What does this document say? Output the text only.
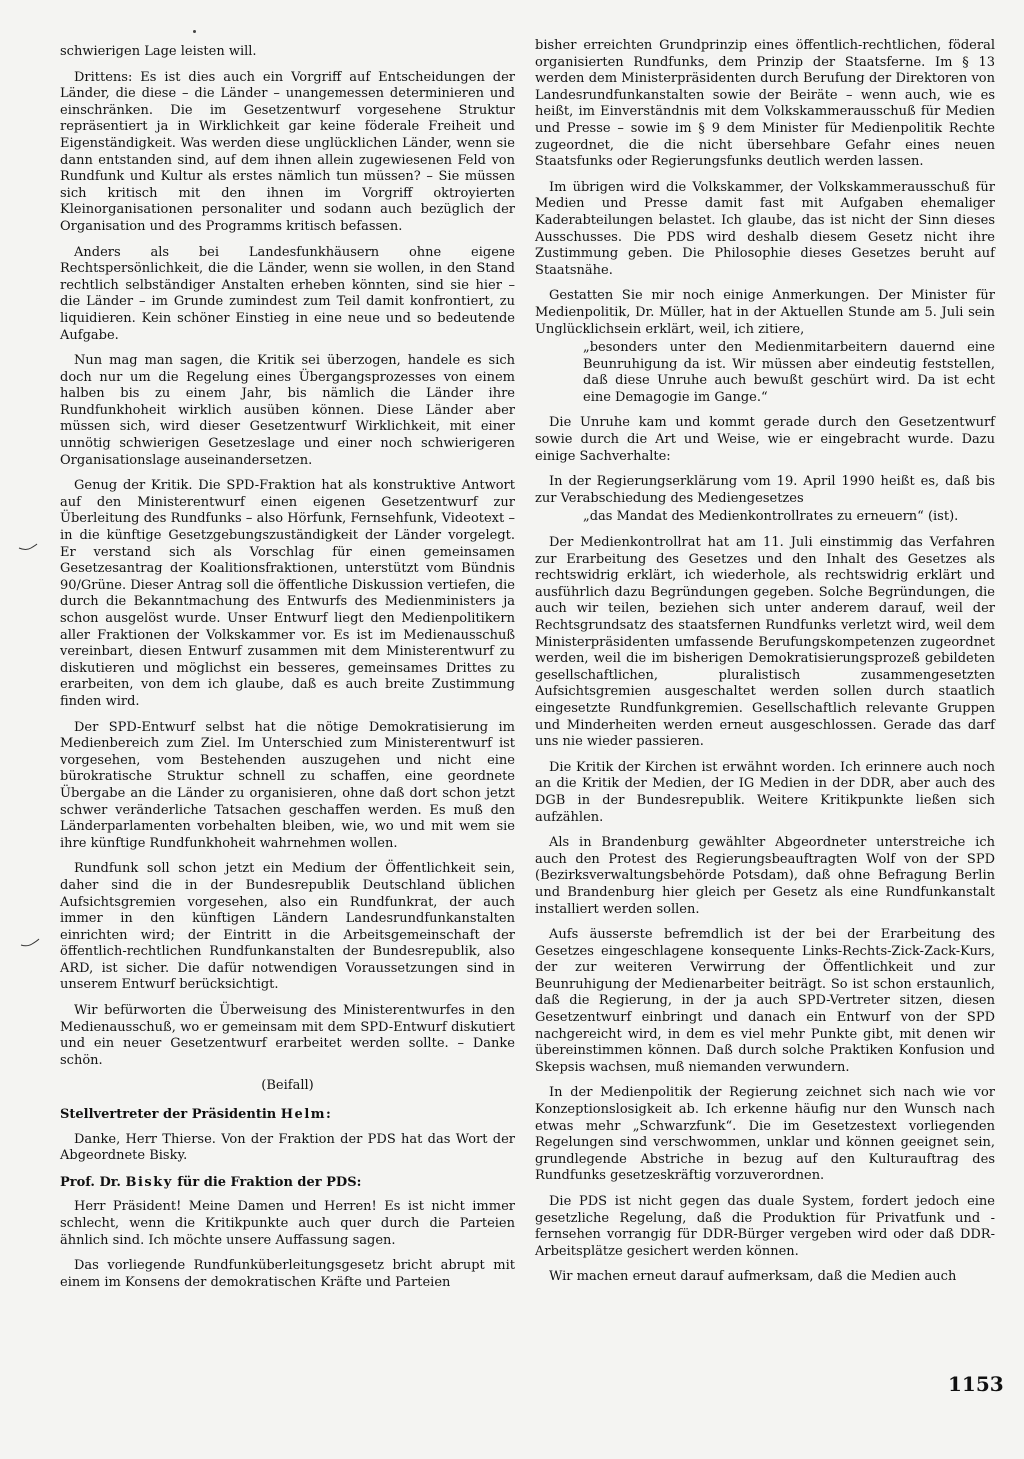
schwierigen Lage leisten will.

Drittens: Es ist dies auch ein Vorgriff auf Entscheidungen der Länder, die diese – die Länder – unangemessen determinieren und einschränken. Die im Gesetzentwurf vorgesehene Struktur repräsentiert ja in Wirklichkeit gar keine föderale Freiheit und Eigenständigkeit. Was werden diese unglücklichen Länder, wenn sie dann entstanden sind, auf dem ihnen allein zugewiesenen Feld von Rundfunk und Kultur als erstes nämlich tun müssen? – Sie müssen sich kritisch mit den ihnen im Vorgriff oktroyierten Kleinorganisationen personaliter und sodann auch bezüglich der Organisation und des Programms kritisch befassen.

Anders als bei Landesfunkhäusern ohne eigene Rechtspersönlichkeit, die die Länder, wenn sie wollen, in den Stand rechtlich selbständiger Anstalten erheben könnten, sind sie hier – die Länder – im Grunde zumindest zum Teil damit konfrontiert, zu liquidieren. Kein schöner Einstieg in eine neue und so bedeutende Aufgabe.

Nun mag man sagen, die Kritik sei überzogen, handele es sich doch nur um die Regelung eines Übergangsprozesses von einem halben bis zu einem Jahr, bis nämlich die Länder ihre Rundfunkhoheit wirklich ausüben können. Diese Länder aber müssen sich, wird dieser Gesetzentwurf Wirklichkeit, mit einer unnötig schwierigen Gesetzeslage und einer noch schwierigeren Organisationslage auseinandersetzen.

Genug der Kritik. Die SPD-Fraktion hat als konstruktive Antwort auf den Ministerentwurf einen eigenen Gesetzentwurf zur Überleitung des Rundfunks – also Hörfunk, Fernsehfunk, Videotext – in die künftige Gesetzgebungszuständigkeit der Länder vorgelegt. Er verstand sich als Vorschlag für einen gemeinsamen Gesetzesantrag der Koalitionsfraktionen, unterstützt vom Bündnis 90/Grüne. Dieser Antrag soll die öffentliche Diskussion vertiefen, die durch die Bekanntmachung des Entwurfs des Medienministers ja schon ausgelöst wurde. Unser Entwurf liegt den Medienpolitikern aller Fraktionen der Volkskammer vor. Es ist im Medienausschuß vereinbart, diesen Entwurf zusammen mit dem Ministerentwurf zu diskutieren und möglichst ein besseres, gemeinsames Drittes zu erarbeiten, von dem ich glaube, daß es auch breite Zustimmung finden wird.

Der SPD-Entwurf selbst hat die nötige Demokratisierung im Medienbereich zum Ziel. Im Unterschied zum Ministerentwurf ist vorgesehen, vom Bestehenden auszugehen und nicht eine bürokratische Struktur schnell zu schaffen, eine geordnete Übergabe an die Länder zu organisieren, ohne daß dort schon jetzt schwer veränderliche Tatsachen geschaffen werden. Es muß den Länderparlamenten vorbehalten bleiben, wie, wo und mit wem sie ihre künftige Rundfunkhoheit wahrnehmen wollen.

Rundfunk soll schon jetzt ein Medium der Öffentlichkeit sein, daher sind die in der Bundesrepublik Deutschland üblichen Aufsichtsgremien vorgesehen, also ein Rundfunkrat, der auch immer in den künftigen Ländern Landesrundfunkanstalten einrichten wird; der Eintritt in die Arbeitsgemeinschaft der öffentlich-rechtlichen Rundfunkanstalten der Bundesrepublik, also ARD, ist sicher. Die dafür notwendigen Voraussetzungen sind in unserem Entwurf berücksichtigt.

Wir befürworten die Überweisung des Ministerentwurfes in den Medienausschuß, wo er gemeinsam mit dem SPD-Entwurf diskutiert und ein neuer Gesetzentwurf erarbeitet werden sollte. – Danke schön.

(Beifall)

Stellvertreter der Präsidentin Helm:

Danke, Herr Thierse. Von der Fraktion der PDS hat das Wort der Abgeordnete Bisky.

Prof. Dr. Bisky für die Fraktion der PDS:

Herr Präsident! Meine Damen und Herren! Es ist nicht immer schlecht, wenn die Kritikpunkte auch quer durch die Parteien ähnlich sind. Ich möchte unsere Auffassung sagen.

Das vorliegende Rundfunküberleitungsgesetz bricht abrupt mit einem im Konsens der demokratischen Kräfte und Parteien

bisher erreichten Grundprinzip eines öffentlich-rechtlichen, föderal organisierten Rundfunks, dem Prinzip der Staatsferne. Im § 13 werden dem Ministerpräsidenten durch Berufung der Direktoren von Landesrundfunkanstalten sowie der Beiräte – wenn auch, wie es heißt, im Einverständnis mit dem Volkskammerausschuß für Medien und Presse – sowie im § 9 dem Minister für Medienpolitik Rechte zugeordnet, die die nicht übersehbare Gefahr eines neuen Staatsfunks oder Regierungsfunks deutlich werden lassen.

Im übrigen wird die Volkskammer, der Volkskammerausschuß für Medien und Presse damit fast mit Aufgaben ehemaliger Kaderabteilungen belastet. Ich glaube, das ist nicht der Sinn dieses Ausschusses. Die PDS wird deshalb diesem Gesetz nicht ihre Zustimmung geben. Die Philosophie dieses Gesetzes beruht auf Staatsnähe.

Gestatten Sie mir noch einige Anmerkungen. Der Minister für Medienpolitik, Dr. Müller, hat in der Aktuellen Stunde am 5. Juli sein Unglücklichsein erklärt, weil, ich zitiere,

„besonders unter den Medienmitarbeitern dauernd eine Beunruhigung da ist. Wir müssen aber eindeutig feststellen, daß diese Unruhe auch bewußt geschürt wird. Da ist echt eine Demagogie im Gange.“

Die Unruhe kam und kommt gerade durch den Gesetzentwurf sowie durch die Art und Weise, wie er eingebracht wurde. Dazu einige Sachverhalte:

In der Regierungserklärung vom 19. April 1990 heißt es, daß bis zur Verabschiedung des Mediengesetzes

„das Mandat des Medienkontrollrates zu erneuern“ (ist).

Der Medienkontrollrat hat am 11. Juli einstimmig das Verfahren zur Erarbeitung des Gesetzes und den Inhalt des Gesetzes als rechtswidrig erklärt, ich wiederhole, als rechtswidrig erklärt und ausführlich dazu Begründungen gegeben. Solche Begründungen, die auch wir teilen, beziehen sich unter anderem darauf, weil der Rechtsgrundsatz des staatsfernen Rundfunks verletzt wird, weil dem Ministerpräsidenten umfassende Berufungskompetenzen zugeordnet werden, weil die im bisherigen Demokratisierungsprozeß gebildeten gesellschaftlichen, pluralistisch zusammengesetzten Aufsichtsgremien ausgeschaltet werden sollen durch staatlich eingesetzte Rundfunkgremien. Gesellschaftlich relevante Gruppen und Minderheiten werden erneut ausgeschlossen. Gerade das darf uns nie wieder passieren.

Die Kritik der Kirchen ist erwähnt worden. Ich erinnere auch noch an die Kritik der Medien, der IG Medien in der DDR, aber auch des DGB in der Bundesrepublik. Weitere Kritikpunkte ließen sich aufzählen.

Als in Brandenburg gewählter Abgeordneter unterstreiche ich auch den Protest des Regierungsbeauftragten Wolf von der SPD (Bezirksverwaltungsbehörde Potsdam), daß ohne Befragung Berlin und Brandenburg hier gleich per Gesetz als eine Rundfunkanstalt installiert werden sollen.

Aufs äusserste befremdlich ist der bei der Erarbeitung des Gesetzes eingeschlagene konsequente Links-Rechts-Zick-Zack-Kurs, der zur weiteren Verwirrung der Öffentlichkeit und zur Beunruhigung der Medienarbeiter beiträgt. So ist schon erstaunlich, daß die Regierung, in der ja auch SPD-Vertreter sitzen, diesen Gesetzentwurf einbringt und danach ein Entwurf von der SPD nachgereicht wird, in dem es viel mehr Punkte gibt, mit denen wir übereinstimmen können. Daß durch solche Praktiken Konfusion und Skepsis wachsen, muß niemanden verwundern.

In der Medienpolitik der Regierung zeichnet sich nach wie vor Konzeptionslosigkeit ab. Ich erkenne häufig nur den Wunsch nach etwas mehr „Schwarzfunk“. Die im Gesetzestext vorliegenden Regelungen sind verschwommen, unklar und können geeignet sein, grundlegende Abstriche in bezug auf den Kulturauftrag des Rundfunks gesetzeskräftig vorzuverordnen.

Die PDS ist nicht gegen das duale System, fordert jedoch eine gesetzliche Regelung, daß die Produktion für Privatfunk und -fernsehen vorrangig für DDR-Bürger vergeben wird oder daß DDR-Arbeitsplätze gesichert werden können.

Wir machen erneut darauf aufmerksam, daß die Medien auch

1153
